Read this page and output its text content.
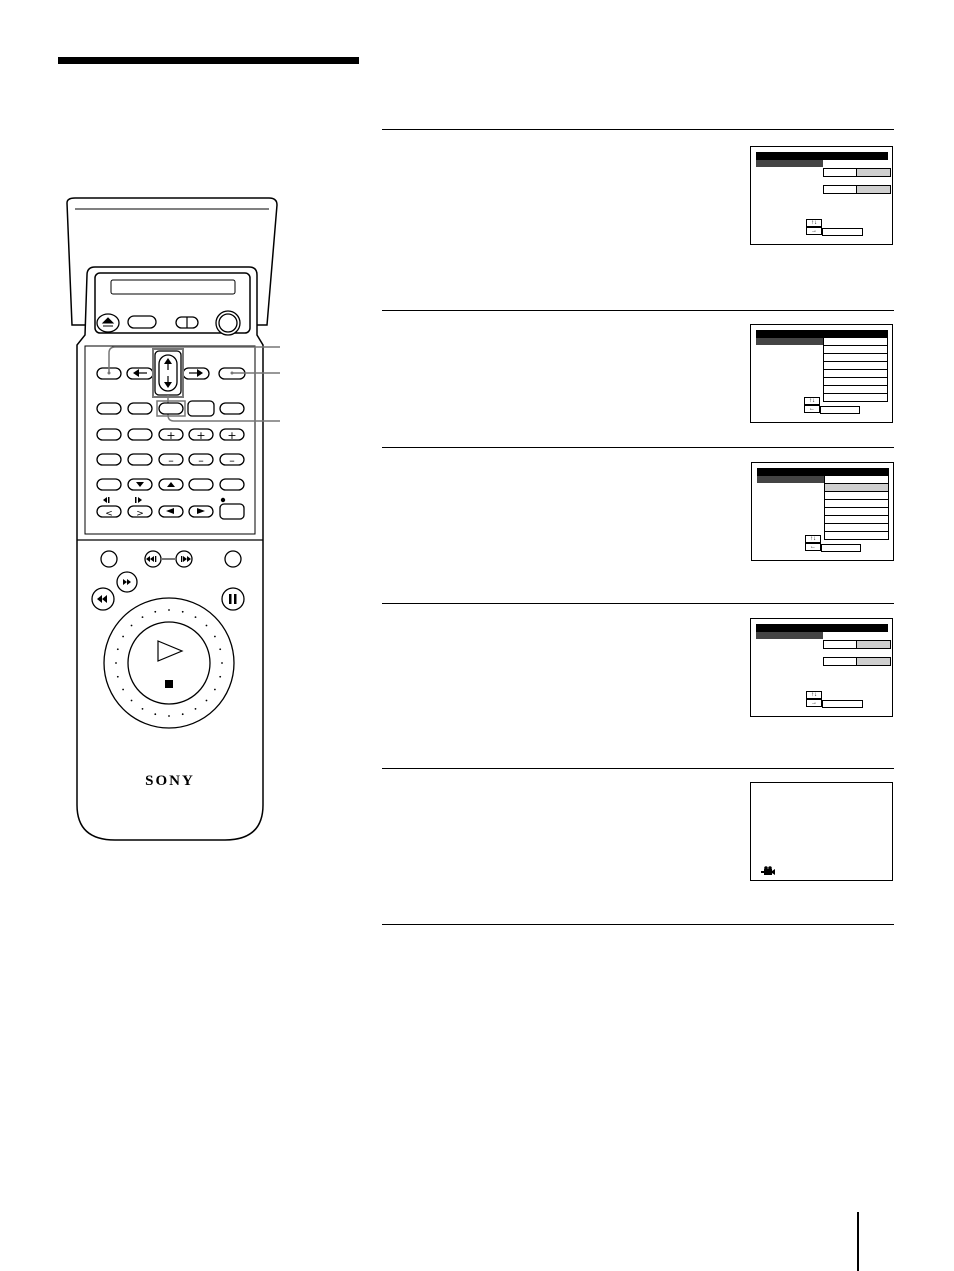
+ + +
– – –
<	>
SONY
↑↓
→
↑↓
←
↑↓
←
↑↓
→
